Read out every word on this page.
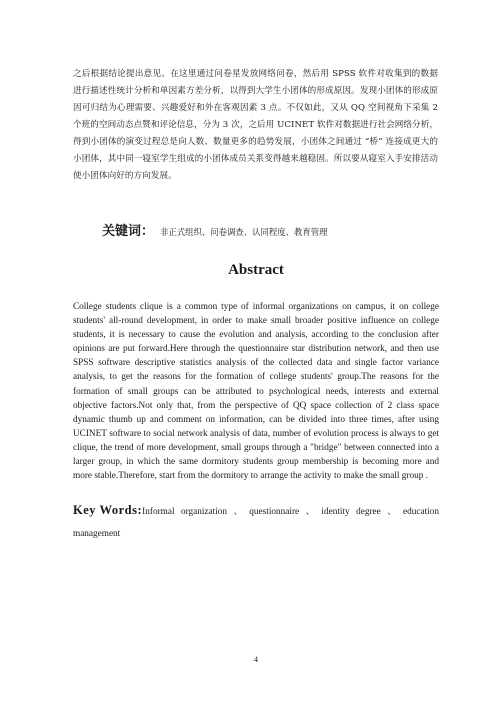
之后根据结论提出意见。在这里通过问卷星发放网络问卷，然后用 SPSS 软件对收集到的数据进行描述性统计分析和单因素方差分析，以得到大学生小团体的形成原因。发现小团体的形成原因可归结为心理需要、兴趣爱好和外在客观因素 3 点。不仅如此，又从 QQ 空间视角下采集 2 个班的空间动态点赞和评论信息，分为 3 次，之后用 UCINET 软件对数据进行社会网络分析，得到小团体的演变过程总是向人数、数量更多的趋势发展，小团体之间通过 “桥” 连接成更大的小团体，其中同一寝室学生组成的小团体成员关系变得越来越稳固。所以要从寝室入手安排活动使小团体向好的方向发展。

关键词： 非正式组织、问卷调查、认同程度、教育管理

Abstract

College students clique is a common type of informal organizations on campus, it on college students' all-round development, in order to make small broader positive influence on college students, it is necessary to cause the evolution and analysis, according to the conclusion after opinions are put forward.Here through the questionnaire star distribution network, and then use SPSS software descriptive statistics analysis of the collected data and single factor variance analysis, to get the reasons for the formation of college students' group.The reasons for the formation of small groups can be attributed to psychological needs, interests and external objective factors.Not only that, from the perspective of QQ space collection of 2 class space dynamic thumb up and comment on information, can be divided into three times, after using UCINET software to social network analysis of data, number of evolution process is always to get clique, the trend of more development, small groups through a "bridge" between connected into a larger group, in which the same dormitory students group membership is becoming more and more stable.Therefore, start from the dormitory to arrange the activity to make the small group .

Key Words:Informal organization 、 questionnaire 、 identity degree 、 education management

4
